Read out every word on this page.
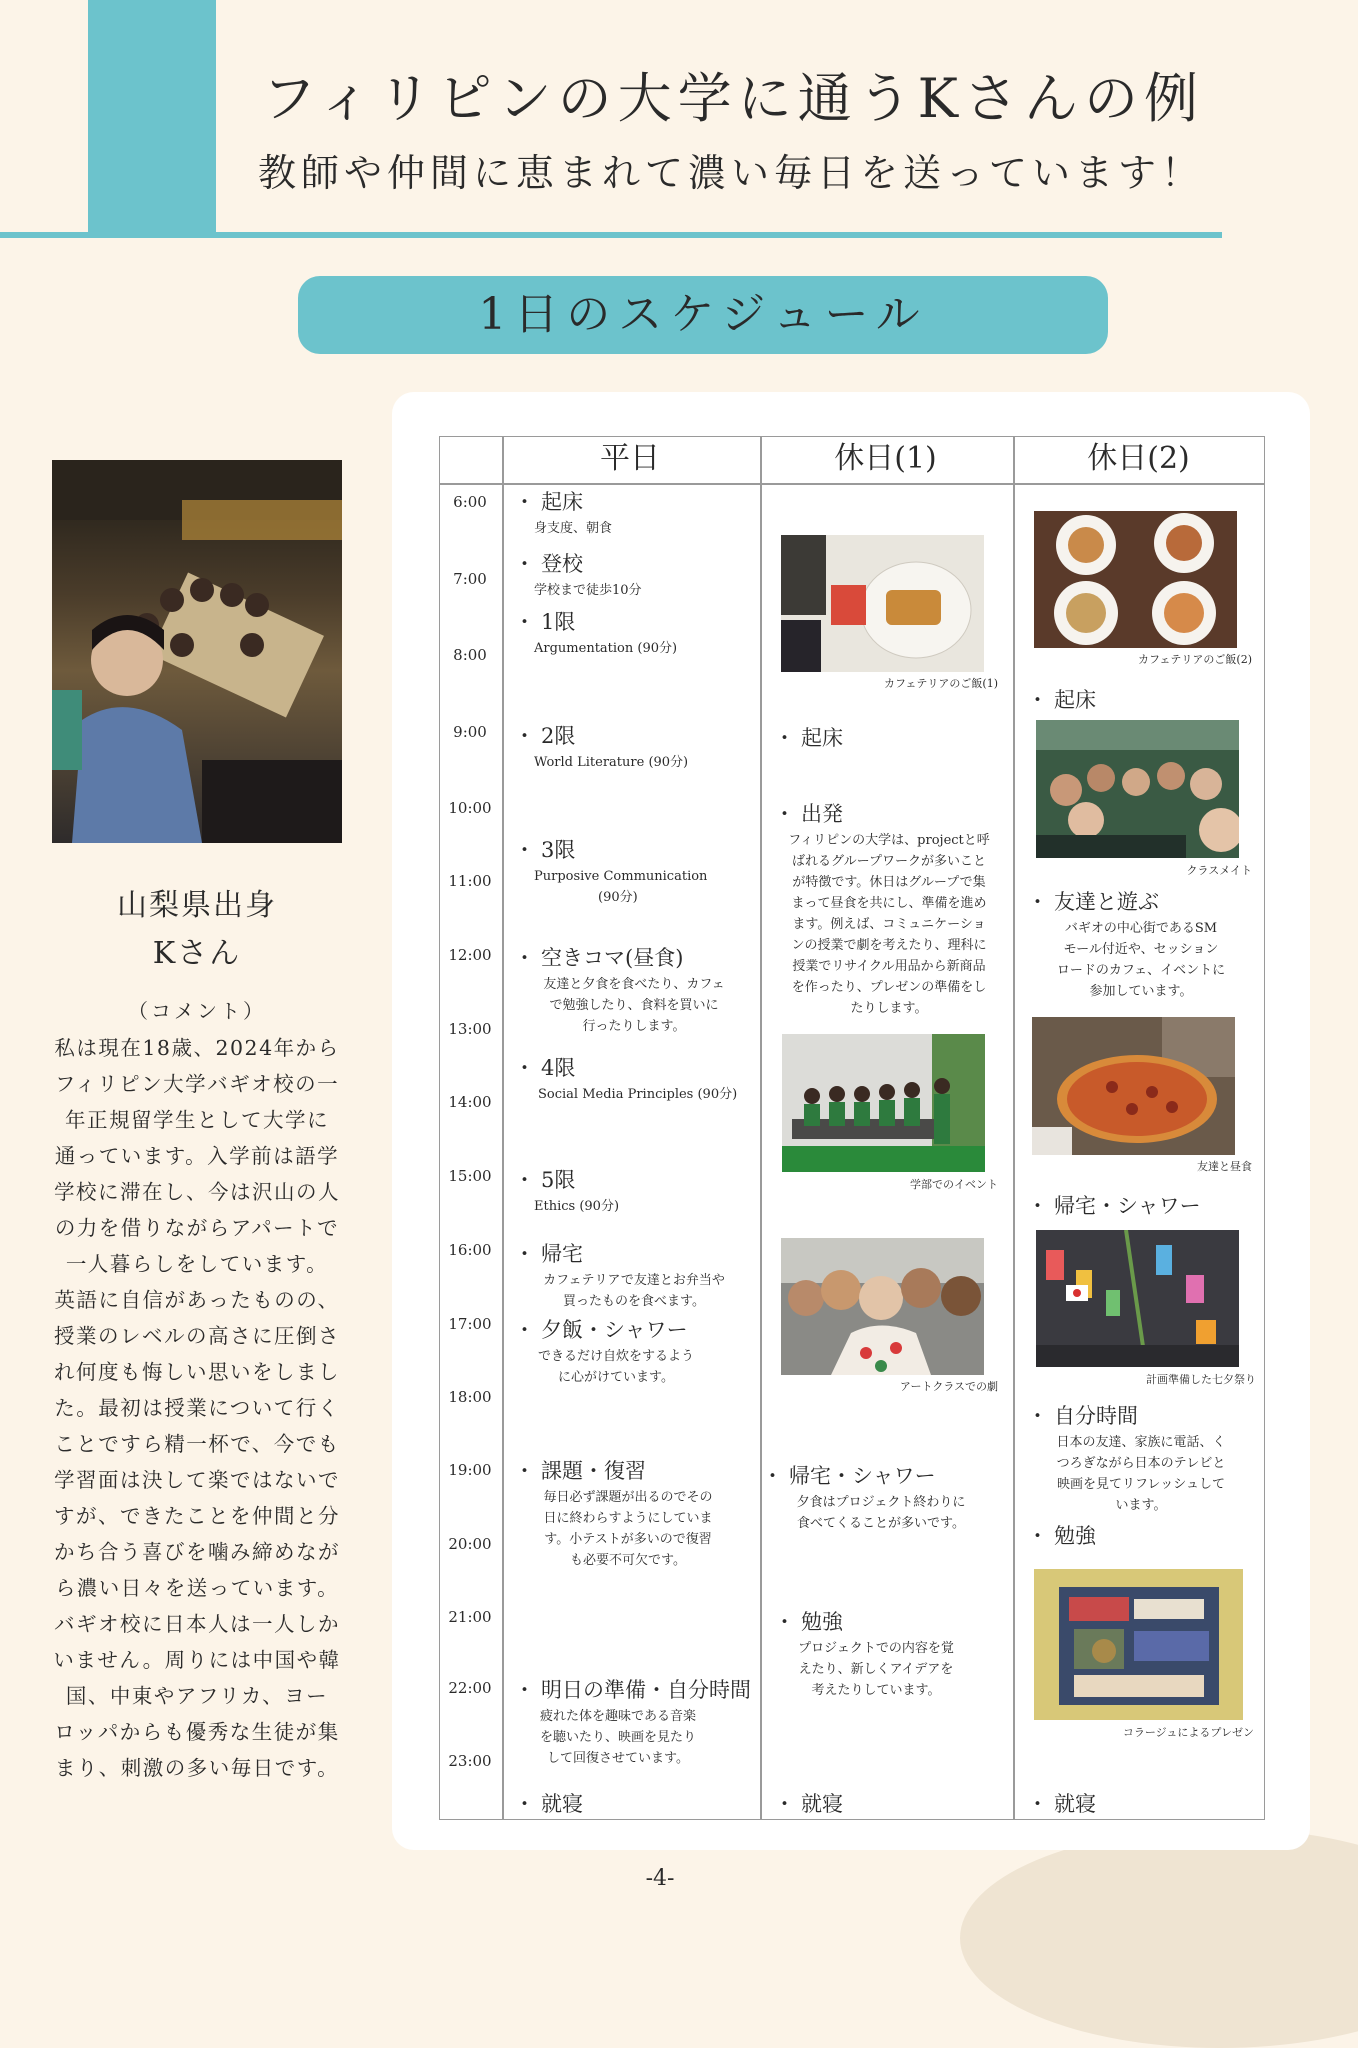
フィリピンの大学に通うKさんの例
教師や仲間に恵まれて濃い毎日を送っています！
1日のスケジュール
山梨県出身
Kさん
（コメント）
私は現在18歳、2024年から
フィリピン大学バギオ校の一
年正規留学生として大学に
通っています。入学前は語学
学校に滞在し、今は沢山の人
の力を借りながらアパートで
一人暮らしをしています。
英語に自信があったものの、
授業のレベルの高さに圧倒さ
れ何度も悔しい思いをしまし
た。最初は授業について行く
ことですら精一杯で、今でも
学習面は決して楽ではないで
すが、できたことを仲間と分
かち合う喜びを噛み締めなが
ら濃い日々を送っています。
バギオ校に日本人は一人しか
いません。周りには中国や韓
国、中東やアフリカ、ヨー
ロッパからも優秀な生徒が集
まり、刺激の多い毎日です。
平日	休日(1)	休日(2)
6:00
7:00
8:00
9:00
10:00
11:00
12:00
13:00
14:00
15:00
16:00
17:00
18:00
19:00
20:00
21:00
22:00
23:00
・ 起床
身支度、朝食
・ 登校
学校まで徒歩10分
・ 1限
Argumentation (90分)
・ 2限
World Literature (90分)
・ 3限
Purposive Communication
(90分)
・ 空きコマ(昼食)
友達と夕食を食べたり、カフェ
で勉強したり、食料を買いに
行ったりします。
・ 4限
Social Media Principles (90分)
・ 5限
Ethics (90分)
・ 帰宅
カフェテリアで友達とお弁当や
買ったものを食べます。
・ 夕飯・シャワー
できるだけ自炊をするよう
に心がけています。
・ 課題・復習
毎日必ず課題が出るのでその
日に終わらすようにしていま
す。小テストが多いので復習
も必要不可欠です。
・ 明日の準備・自分時間
疲れた体を趣味である音楽
を聴いたり、映画を見たり
して回復させています。
・ 就寝
カフェテリアのご飯(1)
・ 起床
・ 出発
フィリピンの大学は、projectと呼
ばれるグループワークが多いこと
が特徴です。休日はグループで集
まって昼食を共にし、準備を進め
ます。例えば、コミュニケーショ
ンの授業で劇を考えたり、理科に
授業でリサイクル用品から新商品
を作ったり、プレゼンの準備をし
たりします。
学部でのイベント
アートクラスでの劇
・ 帰宅・シャワー
夕食はプロジェクト終わりに
食べてくることが多いです。
・ 勉強
プロジェクトでの内容を覚
えたり、新しくアイデアを
考えたりしています。
・ 就寝
カフェテリアのご飯(2)
・ 起床
クラスメイト
・ 友達と遊ぶ
バギオの中心街であるSM
モール付近や、セッション
ロードのカフェ、イベントに
参加しています。
友達と昼食
・ 帰宅・シャワー
計画準備した七夕祭り
・ 自分時間
日本の友達、家族に電話、く
つろぎながら日本のテレビと
映画を見てリフレッシュして
います。
・ 勉強
コラージュによるプレゼン
・ 就寝
-4-
